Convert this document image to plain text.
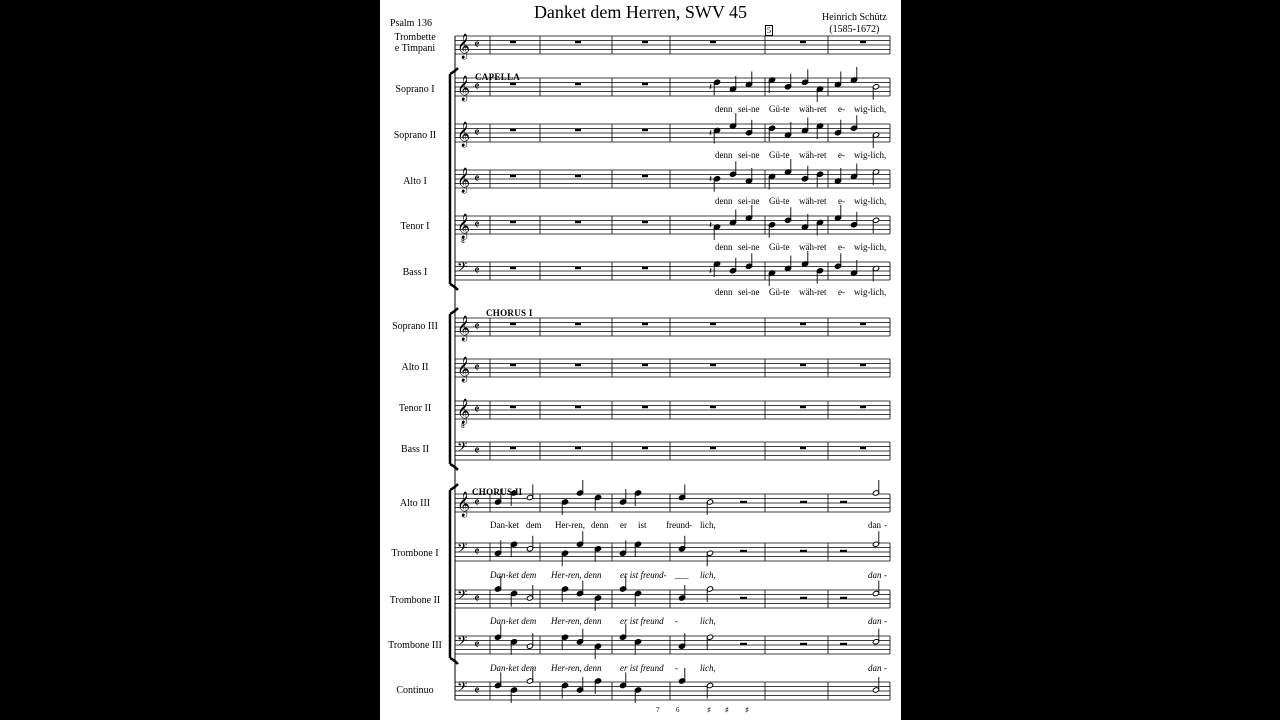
Danket dem Herren, SWV 45
Psalm 136
Heinrich Schütz
(1585-1672)
5
𝄞 𝄵
𝄞 𝄵
𝄞 𝄵
𝄞 𝄵
𝄞
8
𝄵
𝄢 𝄵
𝄞 𝄵
𝄞 𝄵
𝄞
8
𝄵
𝄢 𝄵
𝄞 𝄵
𝄢 𝄵
𝄢 𝄵
𝄢 𝄵
𝄢 𝄵
𝄽
𝄽
𝄽
𝄽
𝄽
CAPELLA
CHORUS I
CHORUS II
Trombette
e Timpani
Soprano I
Soprano II
Alto I
Tenor I
Bass I
Soprano III
Alto II
Tenor II
Bass II
Alto III
Trombone I
Trombone II
Trombone III
Continuo
denn sei-ne Gü-te wäh-ret e- wig-lich,
denn sei-ne Gü-te wäh-ret e- wig-lich,
denn sei-ne Gü-te wäh-ret e- wig-lich,
denn sei-ne Gü-te wäh-ret e- wig-lich,
denn sei-ne Gü-te wäh-ret e- wig-lich,
Dan-ket dem Her-ren, denn er ist freund - lich,	dan -
Dan-ket dem Her-ren, denn er ist freund- ___ lich,	dan -
Dan-ket dem Her-ren, denn er ist freund - lich,	dan -
Dan-ket dem Her-ren, denn er ist freund - lich,	dan -
7 6	♯ ♯ ♯
